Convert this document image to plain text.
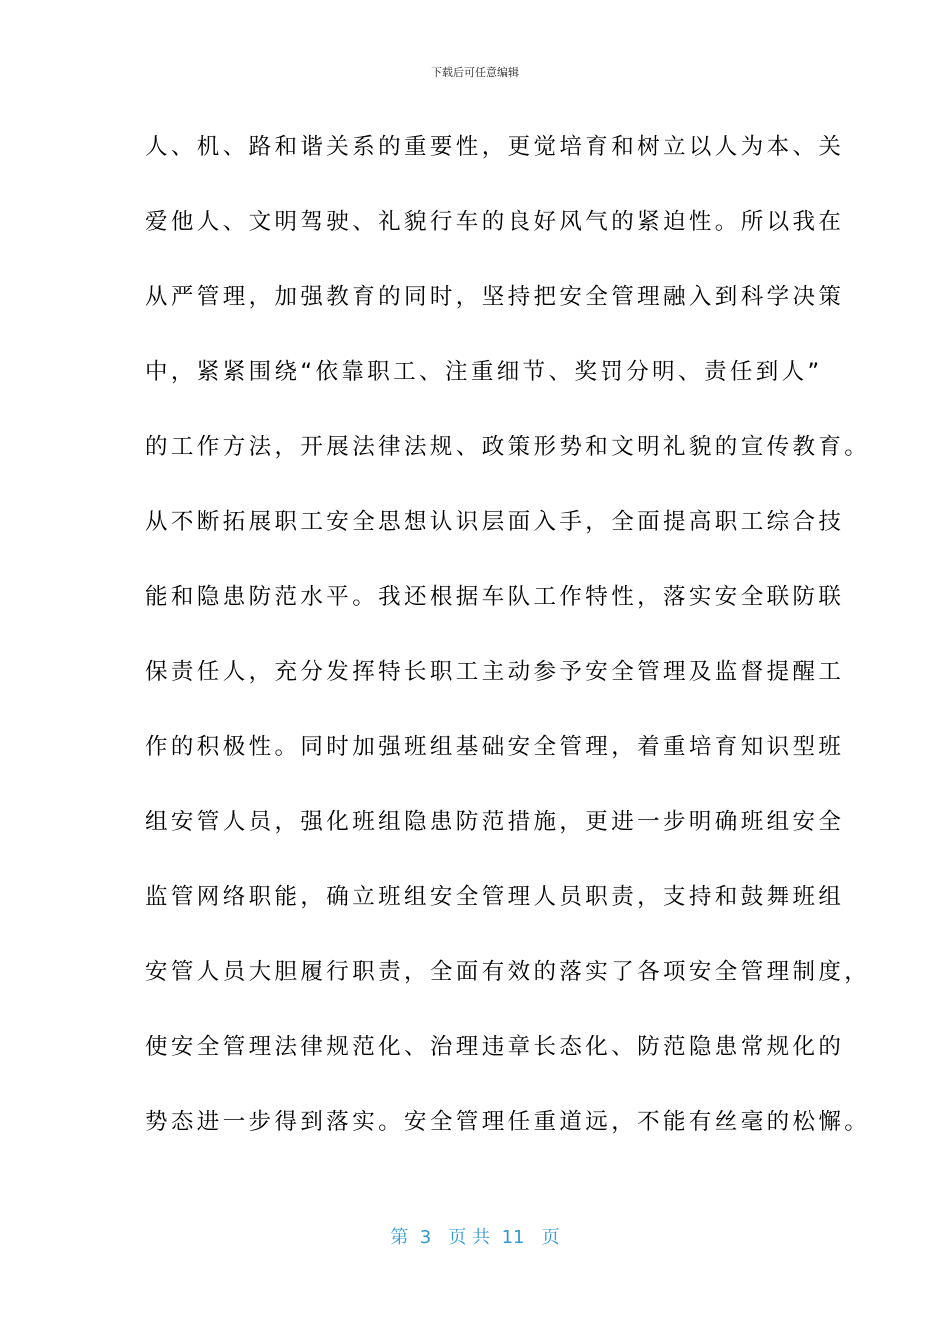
下载后可任意编辑
人、机、路和谐关系的重要性，更觉培育和树立以人为本、关
爱他人、文明驾驶、礼貌行车的良好风气的紧迫性。所以我在
从严管理，加强教育的同时，坚持把安全管理融入到科学决策
中，紧紧围绕“依靠职工、注重细节、奖罚分明、责任到人”
的工作方法，开展法律法规、政策形势和文明礼貌的宣传教育。
从不断拓展职工安全思想认识层面入手，全面提高职工综合技
能和隐患防范水平。我还根据车队工作特性，落实安全联防联
保责任人，充分发挥特长职工主动参予安全管理及监督提醒工
作的积极性。同时加强班组基础安全管理，着重培育知识型班
组安管人员，强化班组隐患防范措施，更进一步明确班组安全
监管网络职能，确立班组安全管理人员职责，支持和鼓舞班组
安管人员大胆履行职责，全面有效的落实了各项安全管理制度，
使安全管理法律规范化、治理违章长态化、防范隐患常规化的
势态进一步得到落实。安全管理任重道远，不能有丝毫的松懈。
第  3   页 共  11   页
